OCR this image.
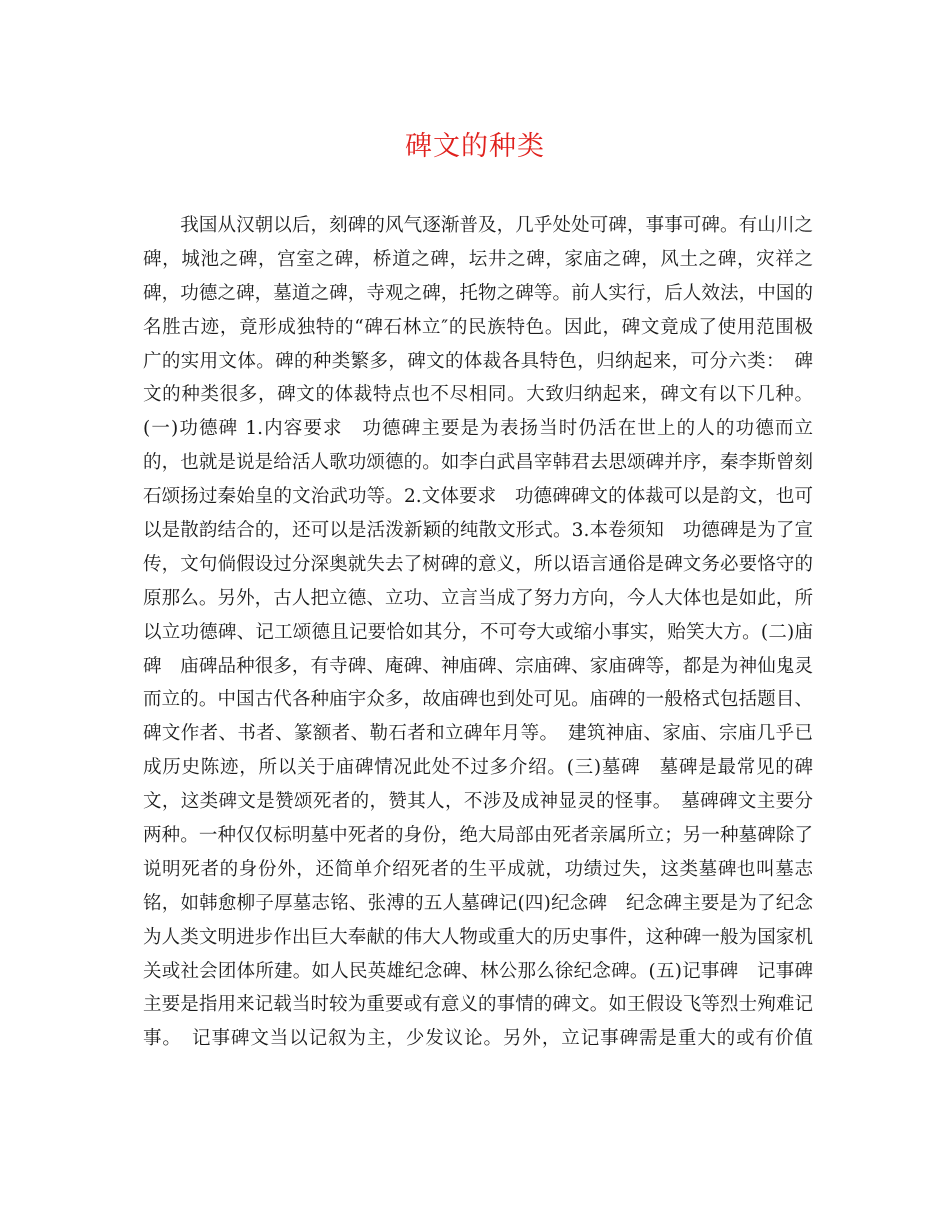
碑文的种类
　　我国从汉朝以后，刻碑的风气逐渐普及，几乎处处可碑，事事可碑。有山川之
碑，城池之碑，宫室之碑，桥道之碑，坛井之碑，家庙之碑，风土之碑，灾祥之
碑，功德之碑，墓道之碑，寺观之碑，托物之碑等。前人实行，后人效法，中国的
名胜古迹，竟形成独特的“碑石林立″的民族特色。因此，碑文竟成了使用范围极
广的实用文体。碑的种类繁多，碑文的体裁各具特色，归纳起来，可分六类：　碑
文的种类很多，碑文的体裁特点也不尽相同。大致归纳起来，碑文有以下几种。
(一)功德碑 1.内容要求　功德碑主要是为表扬当时仍活在世上的人的功德而立
的，也就是说是给活人歌功颂德的。如李白武昌宰韩君去思颂碑并序，秦李斯曾刻
石颂扬过秦始皇的文治武功等。2.文体要求　功德碑碑文的体裁可以是韵文，也可
以是散韵结合的，还可以是活泼新颖的纯散文形式。3.本卷须知　功德碑是为了宣
传，文句倘假设过分深奥就失去了树碑的意义，所以语言通俗是碑文务必要恪守的
原那么。另外，古人把立德、立功、立言当成了努力方向，今人大体也是如此，所
以立功德碑、记工颂德且记要恰如其分，不可夸大或缩小事实，贻笑大方。(二)庙
碑　庙碑品种很多，有寺碑、庵碑、神庙碑、宗庙碑、家庙碑等，都是为神仙鬼灵
而立的。中国古代各种庙宇众多，故庙碑也到处可见。庙碑的一般格式包括题目、
碑文作者、书者、篆额者、勒石者和立碑年月等。　建筑神庙、家庙、宗庙几乎已
成历史陈迹，所以关于庙碑情况此处不过多介绍。(三)墓碑　墓碑是最常见的碑
文，这类碑文是赞颂死者的，赞其人，不涉及成神显灵的怪事。　墓碑碑文主要分
两种。一种仅仅标明墓中死者的身份，绝大局部由死者亲属所立；另一种墓碑除了
说明死者的身份外，还简单介绍死者的生平成就，功绩过失，这类墓碑也叫墓志
铭，如韩愈柳子厚墓志铭、张溥的五人墓碑记(四)纪念碑　纪念碑主要是为了纪念
为人类文明进步作出巨大奉献的伟大人物或重大的历史事件，这种碑一般为国家机
关或社会团体所建。如人民英雄纪念碑、林公那么徐纪念碑。(五)记事碑　记事碑
主要是指用来记载当时较为重要或有意义的事情的碑文。如王假设飞等烈士殉难记
事。　记事碑文当以记叙为主，少发议论。另外，立记事碑需是重大的或有价值
